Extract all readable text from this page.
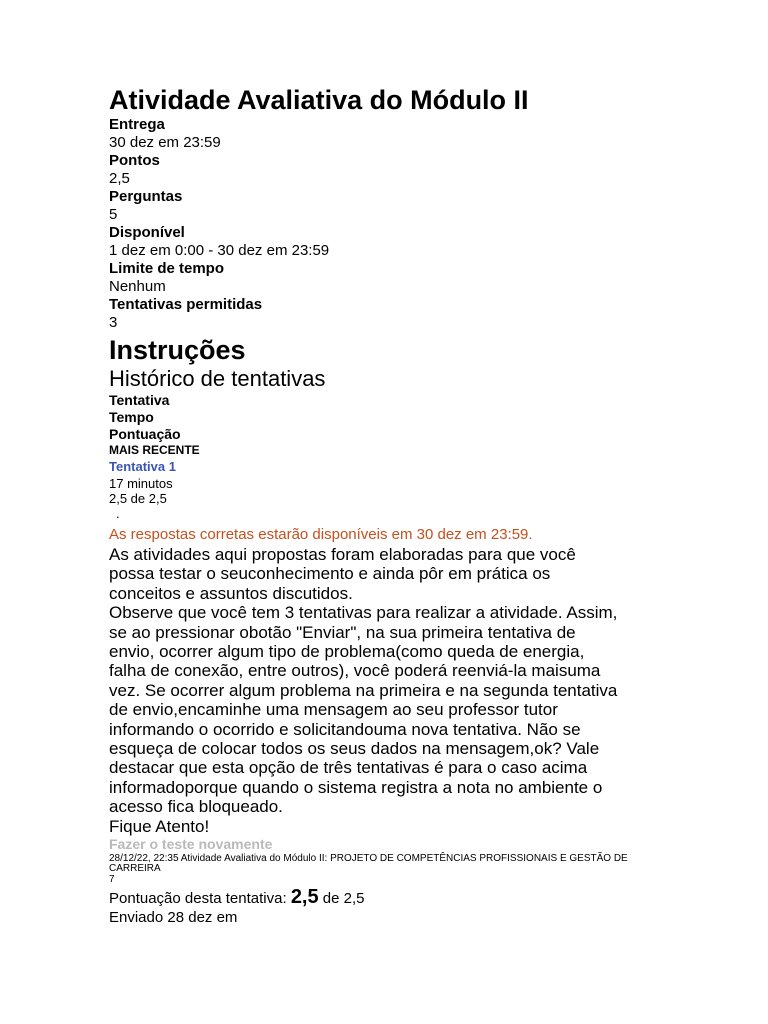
Atividade Avaliativa do Módulo II
Entrega
30 dez em 23:59
Pontos
2,5
Perguntas
5
Disponível
1 dez em 0:00 - 30 dez em 23:59
Limite de tempo
Nenhum
Tentativas permitidas
3
Instruções
Histórico de tentativas
Tentativa
Tempo
Pontuação
MAIS RECENTE
Tentativa 1
17 minutos
2,5 de 2,5
.
As respostas corretas estarão disponíveis em 30 dez em 23:59.
As atividades aqui propostas foram elaboradas para que você
possa testar o seuconhecimento e ainda pôr em prática os
conceitos e assuntos discutidos.
Observe que você tem 3 tentativas para realizar a atividade. Assim,
se ao pressionar obotão "Enviar", na sua primeira tentativa de
envio, ocorrer algum tipo de problema(como queda de energia,
falha de conexão, entre outros), você poderá reenviá-la maisuma
vez. Se ocorrer algum problema na primeira e na segunda tentativa
de envio,encaminhe uma mensagem ao seu professor tutor
informando o ocorrido e solicitandouma nova tentativa. Não se
esqueça de colocar todos os seus dados na mensagem,ok? Vale
destacar que esta opção de três tentativas é para o caso acima
informadoporque quando o sistema registra a nota no ambiente o
acesso fica bloqueado.
Fique Atento!
Fazer o teste novamente
28/12/22, 22:35 Atividade Avaliativa do Módulo II: PROJETO DE COMPETÊNCIAS PROFISSIONAIS E GESTÃO DE CARREIRA
7
Pontuação desta tentativa: 2,5 de 2,5
Enviado 28 dez em
